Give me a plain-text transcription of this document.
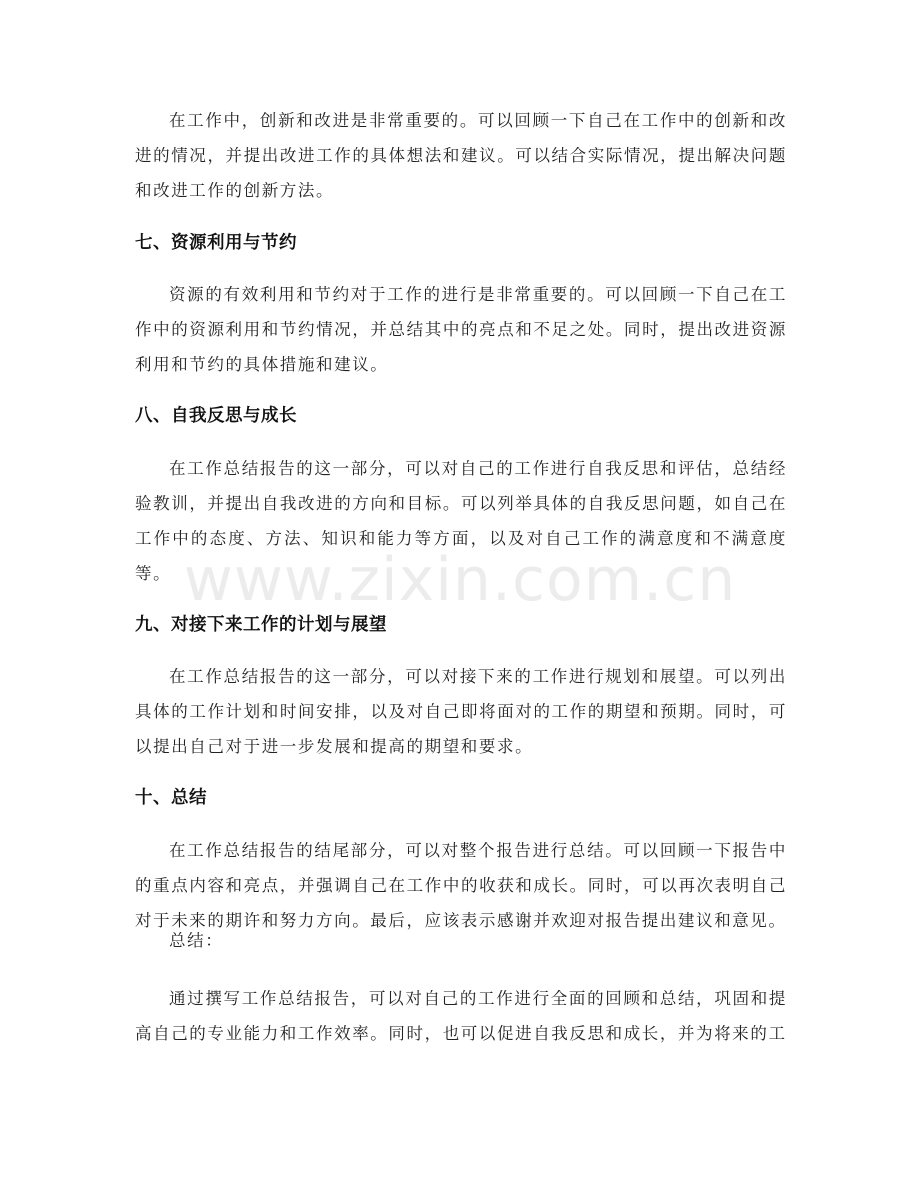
在工作中，创新和改进是非常重要的。可以回顾一下自己在工作中的创新和改进的情况，并提出改进工作的具体想法和建议。可以结合实际情况，提出解决问题和改进工作的创新方法。

七、资源利用与节约

资源的有效利用和节约对于工作的进行是非常重要的。可以回顾一下自己在工作中的资源利用和节约情况，并总结其中的亮点和不足之处。同时，提出改进资源利用和节约的具体措施和建议。

八、自我反思与成长

在工作总结报告的这一部分，可以对自己的工作进行自我反思和评估，总结经验教训，并提出自我改进的方向和目标。可以列举具体的自我反思问题，如自己在工作中的态度、方法、知识和能力等方面，以及对自己工作的满意度和不满意度等。

九、对接下来工作的计划与展望

在工作总结报告的这一部分，可以对接下来的工作进行规划和展望。可以列出具体的工作计划和时间安排，以及对自己即将面对的工作的期望和预期。同时，可以提出自己对于进一步发展和提高的期望和要求。

十、总结

在工作总结报告的结尾部分，可以对整个报告进行总结。可以回顾一下报告中的重点内容和亮点，并强调自己在工作中的收获和成长。同时，可以再次表明自己对于未来的期许和努力方向。最后，应该表示感谢并欢迎对报告提出建议和意见。

总结：

通过撰写工作总结报告，可以对自己的工作进行全面的回顾和总结，巩固和提高自己的专业能力和工作效率。同时，也可以促进自我反思和成长，并为将来的工

www.zixin.com.cn
